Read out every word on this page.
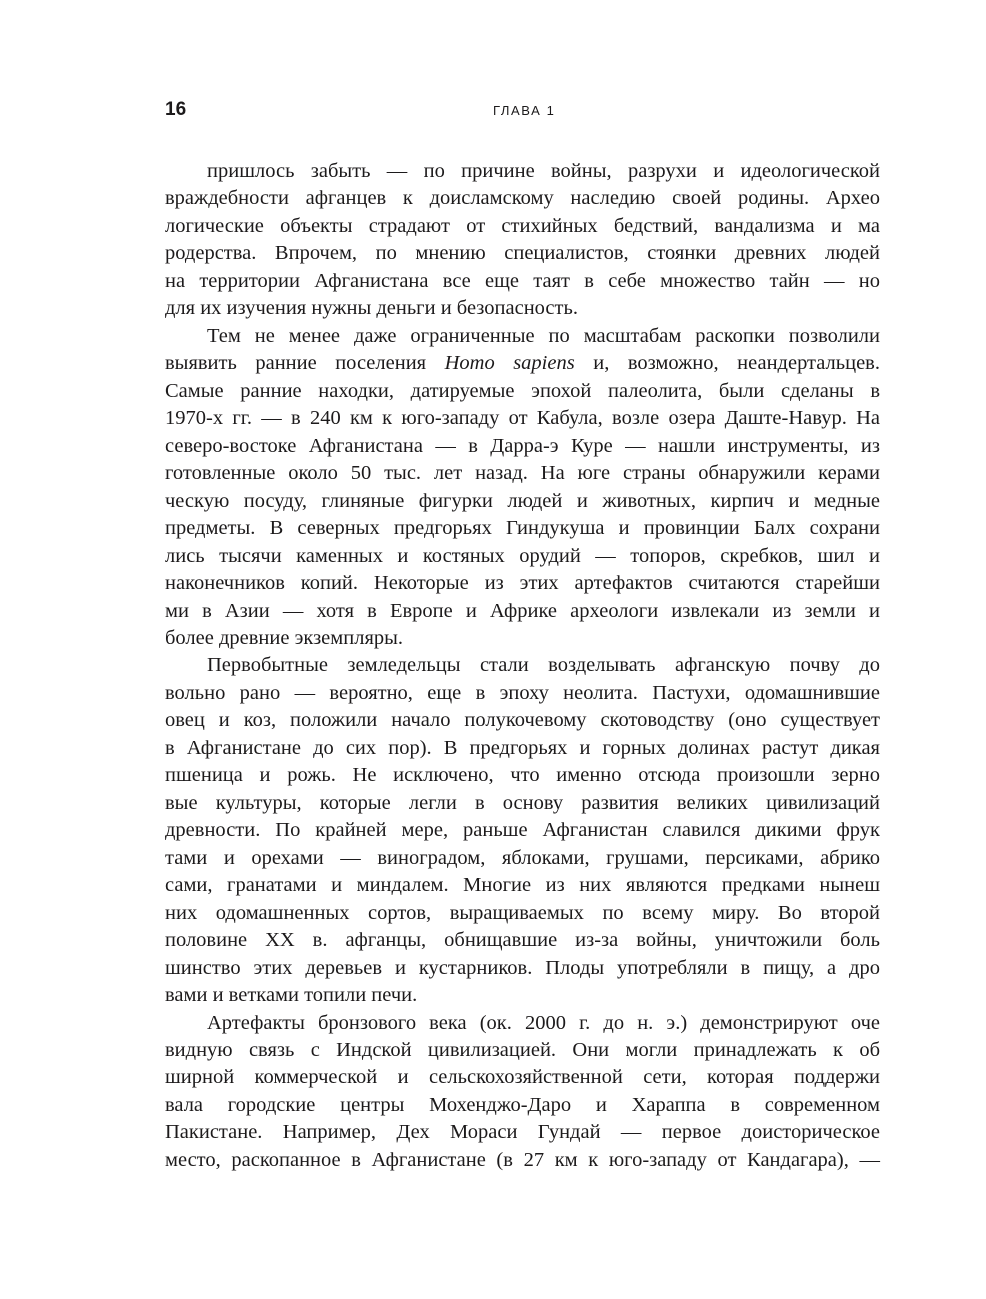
16	ГЛАВА 1
пришлось забыть — по причине войны, разрухи и идеологической
враждебности афганцев к доисламскому наследию своей родины. Архео
логические объекты страдают от стихийных бедствий, вандализма и ма
родерства. Впрочем, по мнению специалистов, стоянки древних людей
на территории Афганистана все еще таят в себе множество тайн — но
для их изучения нужны деньги и безопасность.
Тем не менее даже ограниченные по масштабам раскопки позволили
выявить ранние поселения Homo sapiens и, возможно, неандертальцев.
Самые ранние находки, датируемые эпохой палеолита, были сделаны в
1970-х гг. — в 240 км к юго-западу от Кабула, возле озера Даште-Навур. На
северо-востоке Афганистана — в Дарра-э Куре — нашли инструменты, из
готовленные около 50 тыс. лет назад. На юге страны обнаружили керами
ческую посуду, глиняные фигурки людей и животных, кирпич и медные
предметы. В северных предгорьях Гиндукуша и провинции Балх сохрани
лись тысячи каменных и костяных орудий — топоров, скребков, шил и
наконечников копий. Некоторые из этих артефактов считаются старейши
ми в Азии — хотя в Европе и Африке археологи извлекали из земли и
более древние экземпляры.
Первобытные земледельцы стали возделывать афганскую почву до
вольно рано — вероятно, еще в эпоху неолита. Пастухи, одомашнившие
овец и коз, положили начало полукочевому скотоводству (оно существует
в Афганистане до сих пор). В предгорьях и горных долинах растут дикая
пшеница и рожь. Не исключено, что именно отсюда произошли зерно
вые культуры, которые легли в основу развития великих цивилизаций
древности. По крайней мере, раньше Афганистан славился дикими фрук
тами и орехами — виноградом, яблоками, грушами, персиками, абрико
сами, гранатами и миндалем. Многие из них являются предками нынеш
них одомашненных сортов, выращиваемых по всему миру. Во второй
половине XX в. афганцы, обнищавшие из-за войны, уничтожили боль
шинство этих деревьев и кустарников. Плоды употребляли в пищу, а дро
вами и ветками топили печи.
Артефакты бронзового века (ок. 2000 г. до н. э.) демонстрируют оче
видную связь с Индской цивилизацией. Они могли принадлежать к об
ширной коммерческой и сельскохозяйственной сети, которая поддержи
вала городские центры Мохенджо-Даро и Хараппа в современном
Пакистане. Например, Дех Мораси Гундай — первое доисторическое
место, раскопанное в Афганистане (в 27 км к юго-западу от Кандагара), —
